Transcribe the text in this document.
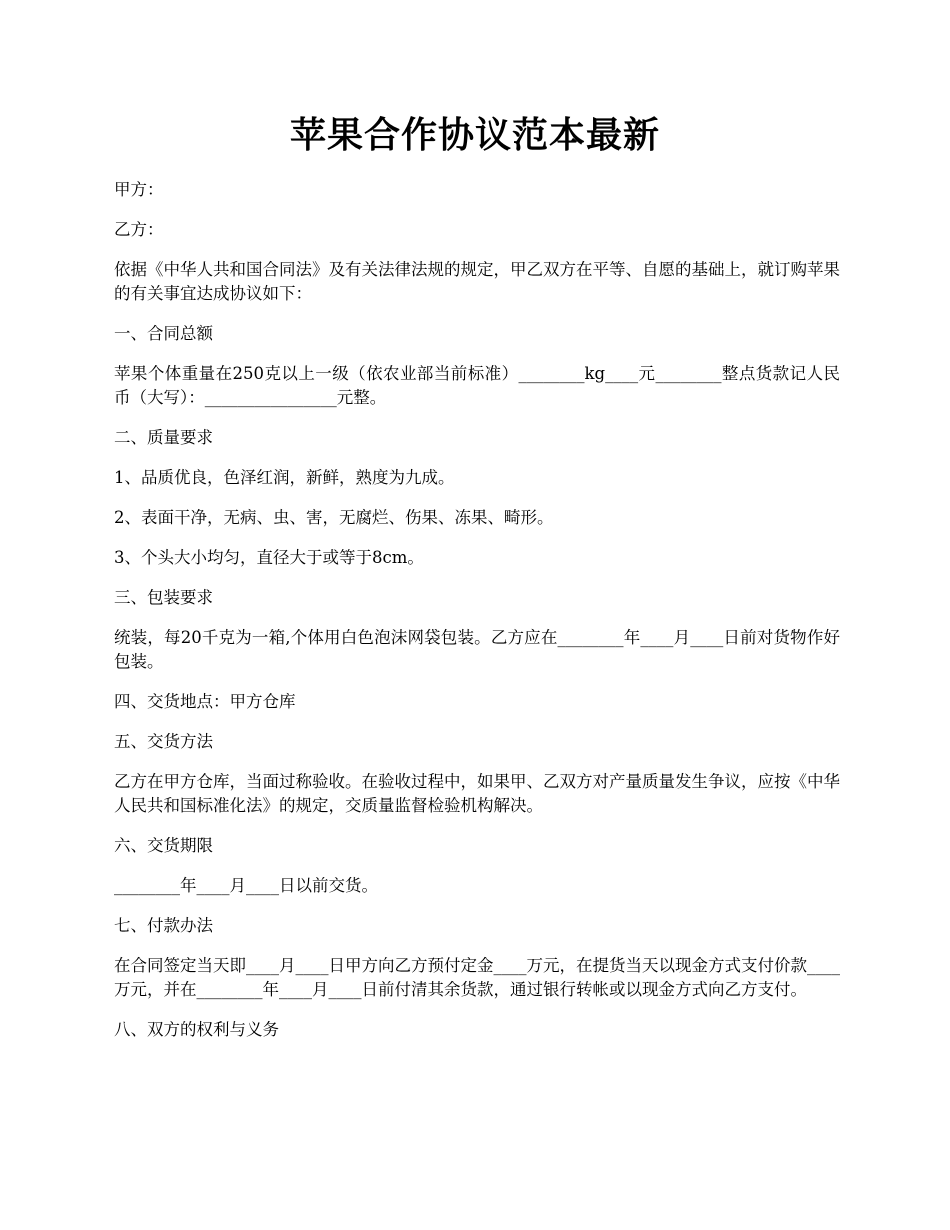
苹果合作协议范本最新

甲方：

乙方：

依据《中华人共和国合同法》及有关法律法规的规定，甲乙双方在平等、自愿的基础上，就订购苹果的有关事宜达成协议如下：

一、合同总额

苹果个体重量在250克以上一级（依农业部当前标准）________kg____元________整点货款记人民币（大写）：________________元整。

二、质量要求

1、品质优良，色泽红润，新鲜，熟度为九成。

2、表面干净，无病、虫、害，无腐烂、伤果、冻果、畸形。

3、个头大小均匀，直径大于或等于8cm。

三、包装要求

统装，每20千克为一箱,个体用白色泡沫网袋包装。乙方应在________年____月____日前对货物作好包装。

四、交货地点：甲方仓库

五、交货方法

乙方在甲方仓库，当面过称验收。在验收过程中，如果甲、乙双方对产量质量发生争议，应按《中华人民共和国标准化法》的规定，交质量监督检验机构解决。

六、交货期限

________年____月____日以前交货。

七、付款办法

在合同签定当天即____月____日甲方向乙方预付定金____万元，在提货当天以现金方式支付价款____万元，并在________年____月____日前付清其余货款，通过银行转帐或以现金方式向乙方支付。

八、双方的权利与义务
